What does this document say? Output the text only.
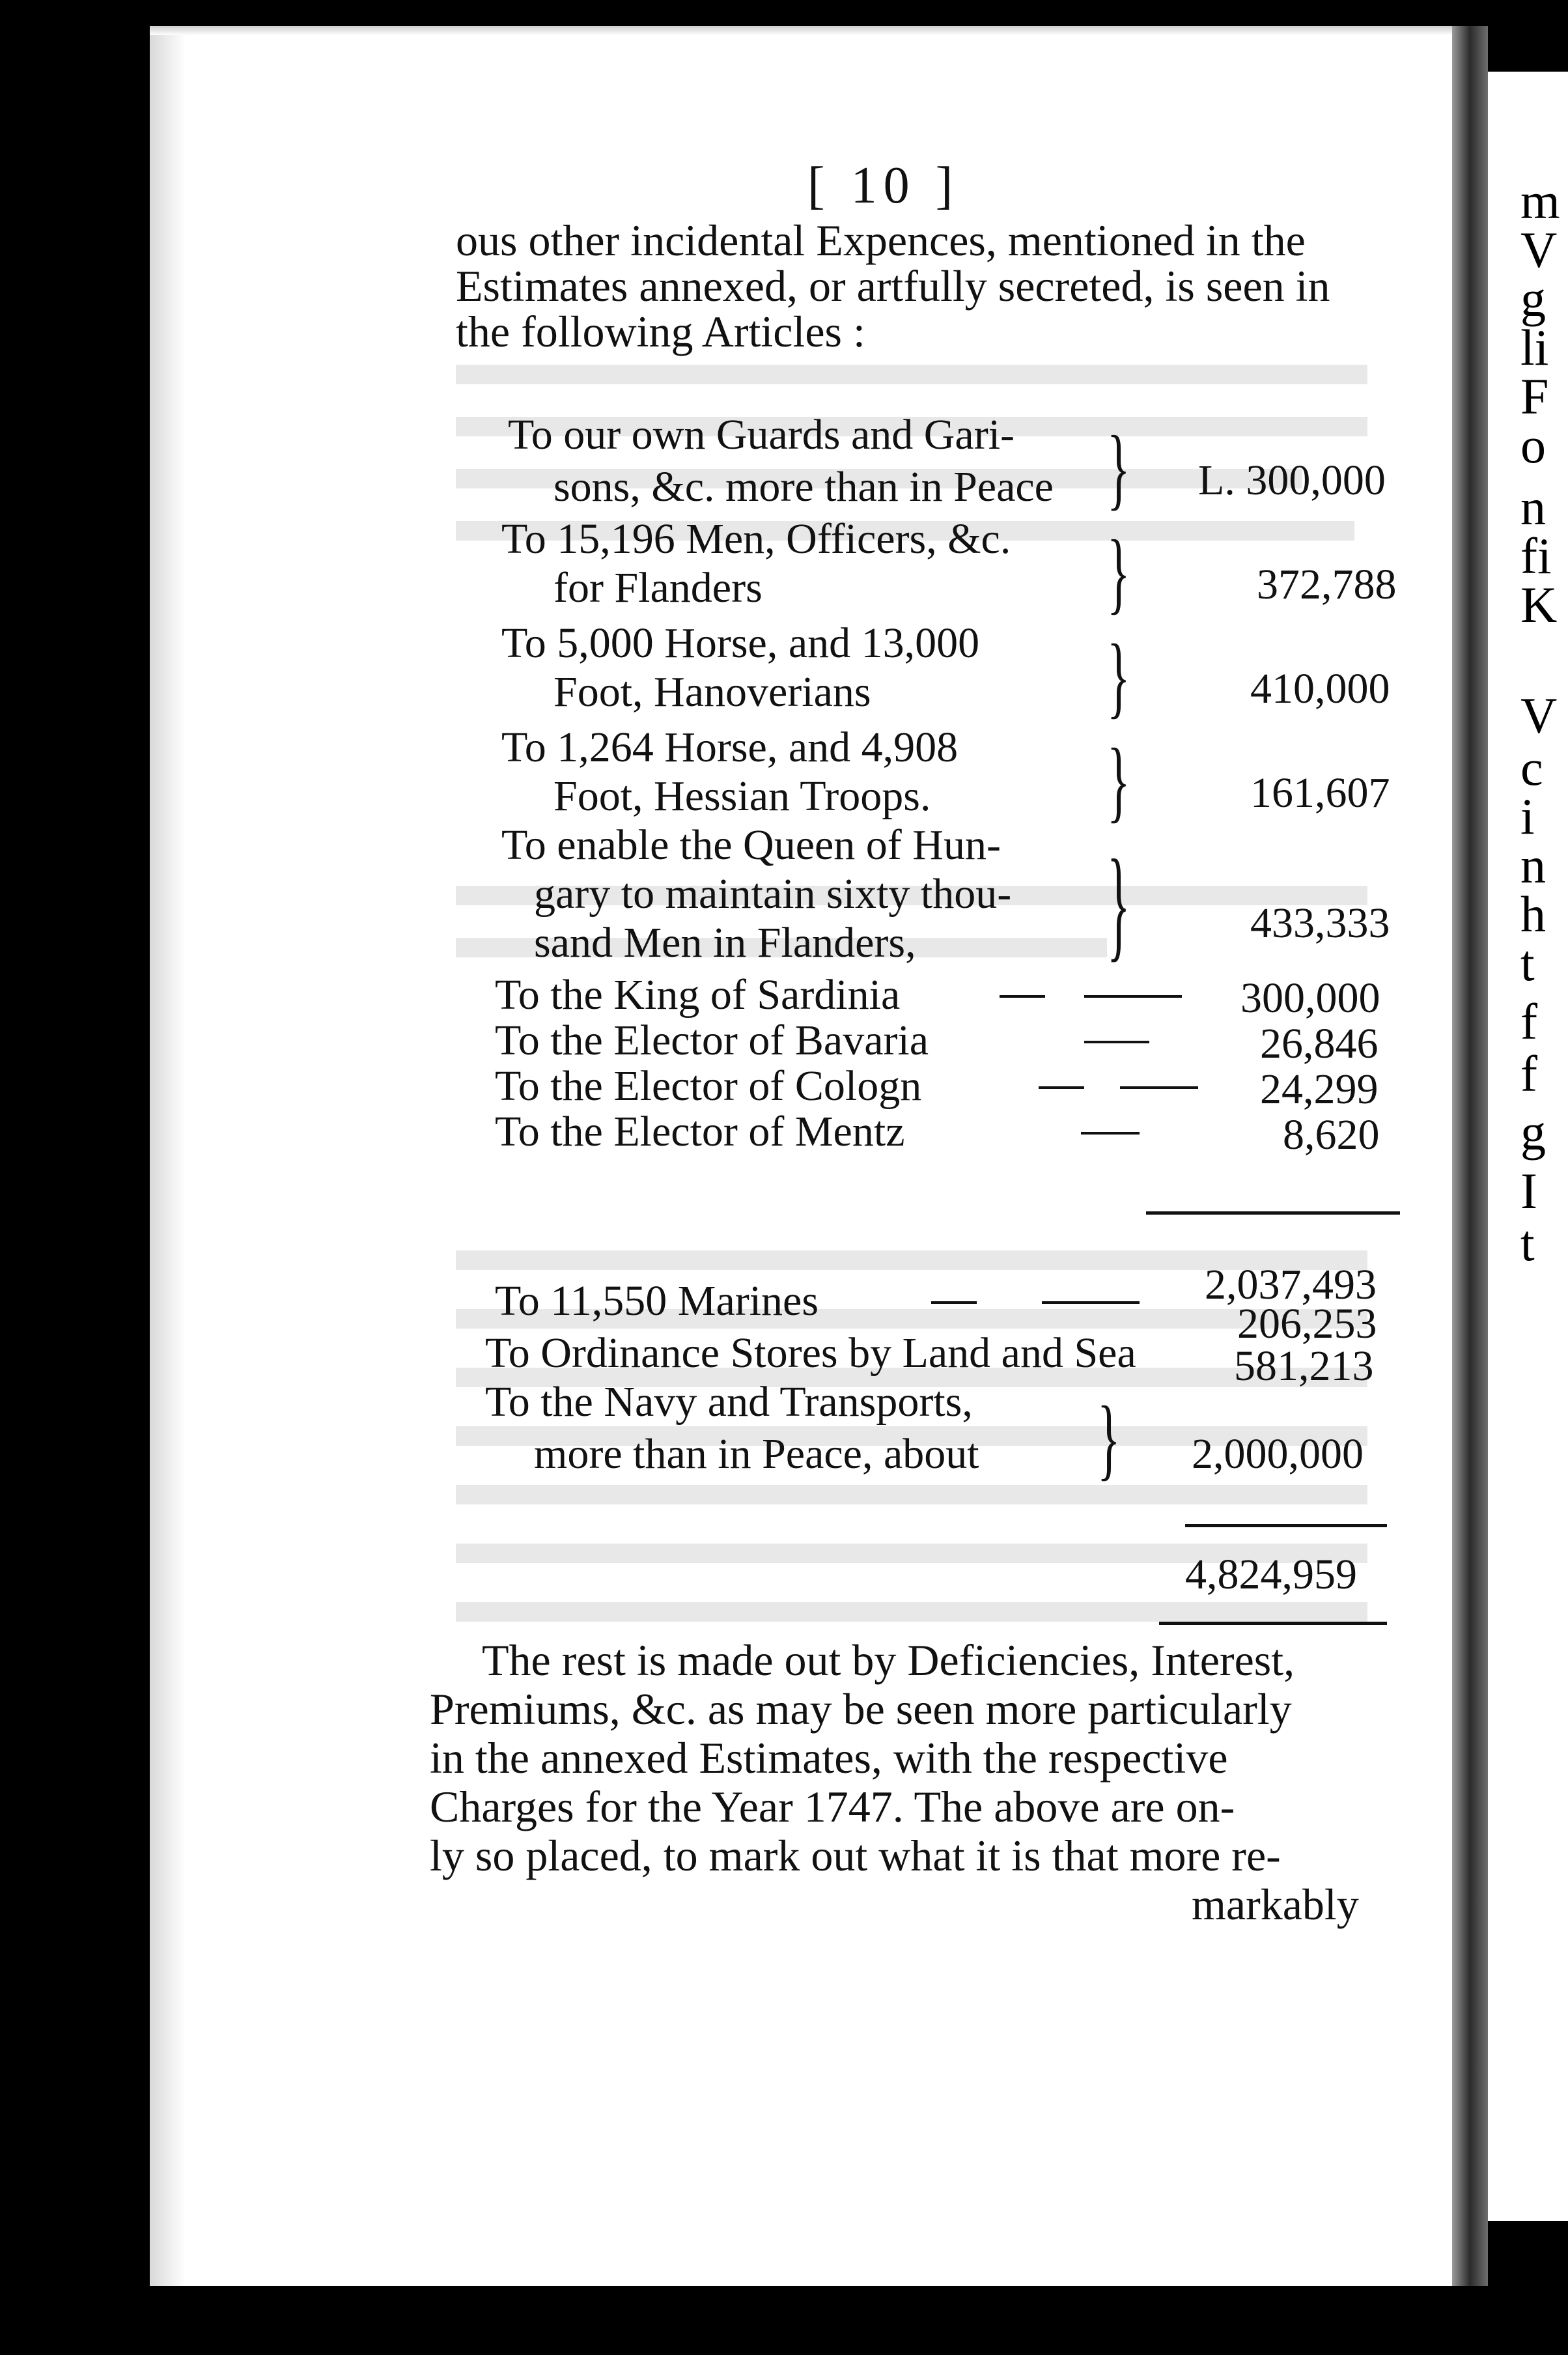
m
V
g
li
F
o
n
fi
K
V
c
i
n
h
t
f
f
g
I
t
[ 10 ]
ous other incidental Expences, mentioned in the
Estimates annexed, or artfully secreted, is seen in
the following Articles :
To our own Guards and Gari-
sons, &c. more than in Peace } L. 300,000
To 15,196 Men, Officers, &c.
for Flanders	}	372,788
To 5,000 Horse, and 13,000
Foot, Hanoverians	}	410,000
To 1,264 Horse, and 4,908
Foot, Hessian Troops.	}	161,607
To enable the Queen of Hun-
gary to maintain sixty thou-
sand Men in Flanders,	}	433,333
To the King of Sardinia	300,000
To the Elector of Bavaria	26,846
To the Elector of Cologn	24,299
To the Elector of Mentz	8,620
2,037,493
To 11,550 Marines	206,253
To Ordinance Stores by Land and Sea 581,213
To the Navy and Transports,
more than in Peace, about } 2,000,000
4,824,959
The rest is made out by Deficiencies, Interest,
Premiums, &c. as may be seen more particularly
in the annexed Estimates, with the respective
Charges for the Year 1747. The above are on-
ly so placed, to mark out what it is that more re-
markably
